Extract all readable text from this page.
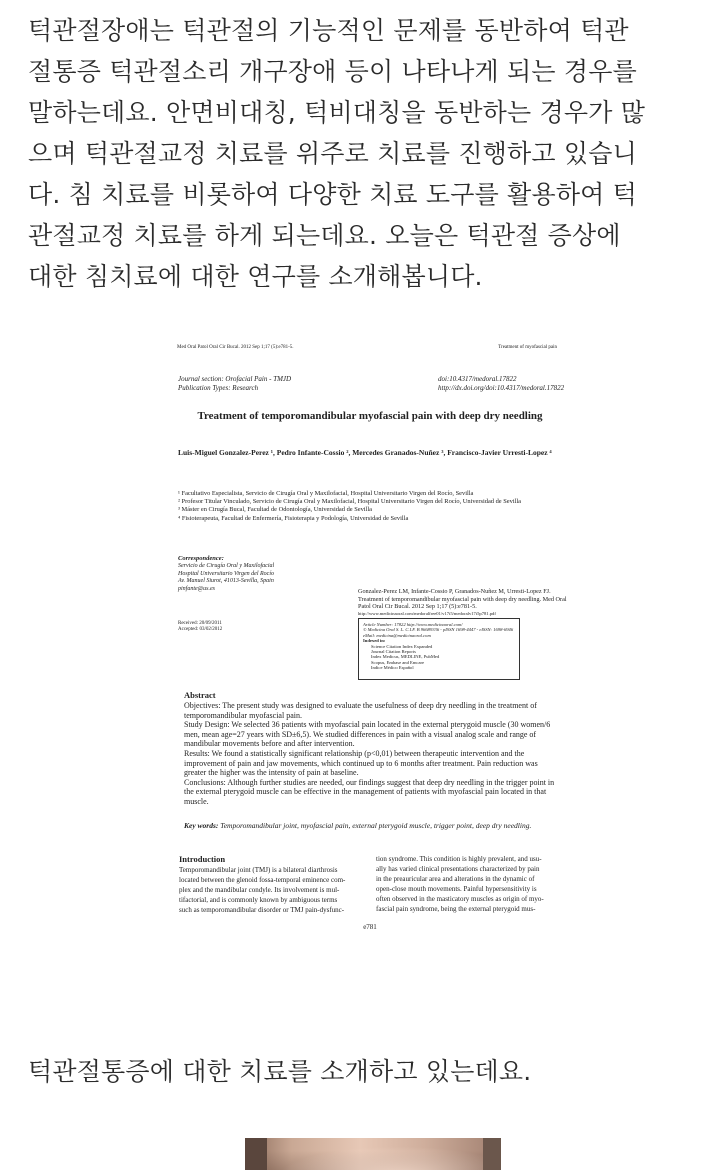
턱관절장애는 턱관절의 기능적인 문제를 동반하여 턱관
절통증 턱관절소리 개구장애 등이 나타나게 되는 경우를
말하는데요. 안면비대칭, 턱비대칭을 동반하는 경우가 많
으며 턱관절교정 치료를 위주로 치료를 진행하고 있습니
다. 침 치료를 비롯하여 다양한 치료 도구를 활용하여 턱
관절교정 치료를 하게 되는데요. 오늘은 턱관절 증상에
대한 침치료에 대한 연구를 소개해봅니다.
Med Oral Patol Oral Cir Bucal. 2012 Sep 1;17 (5):e781-5.	Treatment of myofascial pain
Journal section: Orofacial Pain - TMJD
Publication Types: Research
doi:10.4317/medoral.17822
http://dx.doi.org/doi:10.4317/medoral.17822
Treatment of temporomandibular myofascial pain with deep dry needling
Luis-Miguel Gonzalez-Perez ¹, Pedro Infante-Cossio ², Mercedes Granados-Nuñez ³, Francisco-Javier Urresti-Lopez ⁴
¹ Facultativo Especialista, Servicio de Cirugía Oral y Maxilofacial, Hospital Universitario Virgen del Rocío, Sevilla
² Profesor Titular Vinculado, Servicio de Cirugía Oral y Maxilofacial, Hospital Universitario Virgen del Rocío, Universidad de Sevilla
³ Máster en Cirugía Bucal, Facultad de Odontología, Universidad de Sevilla
⁴ Fisioterapeuta, Facultad de Enfermería, Fisioterapia y Podología, Universidad de Sevilla
Correspondence:
Servicio de Cirugía Oral y Maxilofacial
Hospital Universitario Virgen del Rocío
Av. Manuel Siurot, 41013-Sevilla, Spain
pinfante@us.es
Received: 20/09/2011
Accepted: 03/02/2012
Gonzalez-Perez LM, Infante-Cossio P, Granados-Nuñez M, Urresti-Lopez FJ. Treatment of temporomandibular myofascial pain with deep dry needling. Med Oral Patol Oral Cir Bucal. 2012 Sep 1;17 (5):e781-5.
http://www.medicinaoral.com/medoralfree01/v17i5/medoralv17i5p781.pdf
Article Number: 17822 http://www.medicinaoral.com/
© Medicina Oral S. L. C.I.F. B 96689336 - pISSN 1698-4447 - eISSN: 1698-6946
eMail: medicina@medicinaoral.com
Indexed in:
Science Citation Index Expanded
Journal Citation Reports
Index Medicus, MEDLINE, PubMed
Scopus, Embase and Emcare
Indice Médico Español
Abstract

Objectives: The present study was designed to evaluate the usefulness of deep dry needling in the treatment of temporomandibular myofascial pain.

Study Design: We selected 36 patients with myofascial pain located in the external pterygoid muscle (30 women/6 men, mean age=27 years with SD±6,5). We studied differences in pain with a visual analog scale and range of mandibular movements before and after intervention.

Results: We found a statistically significant relationship (p<0,01) between therapeutic intervention and the improvement of pain and jaw movements, which continued up to 6 months after treatment. Pain reduction was greater the higher was the intensity of pain at baseline.

Conclusions: Although further studies are needed, our findings suggest that deep dry needling in the trigger point in the external pterygoid muscle can be effective in the management of patients with myofascial pain located in that muscle.

Key words: Temporomandibular joint, myofascial pain, external pterygoid muscle, trigger point, deep dry needling.
Introduction
Temporomandibular joint (TMJ) is a bilateral diarthrosis
located between the glenoid fossa-temporal eminence com-
plex and the mandibular condyle. Its involvement is mul-
tifactorial, and is commonly known by ambiguous terms
such as temporomandibular disorder or TMJ pain-dysfunc-
tion syndrome. This condition is highly prevalent, and usu-
ally has varied clinical presentations characterized by pain
in the preauricular area and alterations in the dynamic of
open-close mouth movements. Painful hypersensitivity is
often observed in the masticatory muscles as origin of myo-
fascial pain syndrome, being the external pterygoid mus-
e781
턱관절통증에 대한 치료를 소개하고 있는데요.
